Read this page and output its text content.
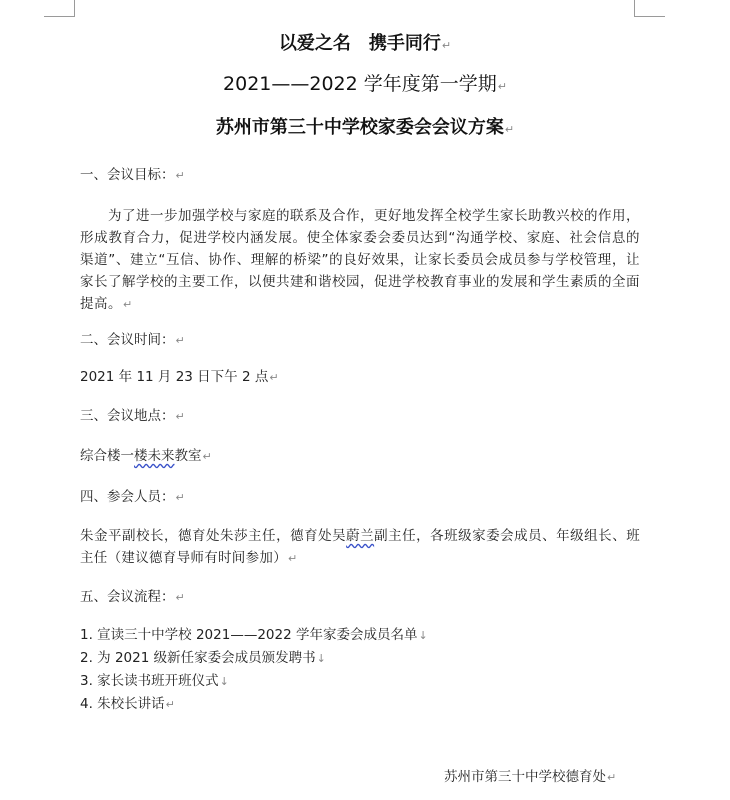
以爱之名　携手同行↵
2021——2022 学年度第一学期↵
苏州市第三十中学校家委会会议方案↵
一、会议目标：↵
为了进一步加强学校与家庭的联系及合作，更好地发挥全校学生家长助教兴校的作用，形成教育合力，促进学校内涵发展。使全体家委会委员达到“沟通学校、家庭、社会信息的渠道”、建立“互信、协作、理解的桥梁”的良好效果，让家长委员会成员参与学校管理，让家长了解学校的主要工作，以便共建和谐校园，促进学校教育事业的发展和学生素质的全面提高。↵
二、会议时间：↵
2021 年 11 月 23 日下午 2 点↵
三、会议地点：↵
综合楼一楼未来教室↵
四、参会人员：↵
朱金平副校长，德育处朱莎主任，德育处吴蔚兰副主任，各班级家委会成员、年级组长、班主任（建议德育导师有时间参加）↵
五、会议流程：↵
1. 宣读三十中学校 2021——2022 学年家委会成员名单↓
2. 为 2021 级新任家委会成员颁发聘书↓
3. 家长读书班开班仪式↓
4. 朱校长讲话↵
苏州市第三十中学校德育处↵
